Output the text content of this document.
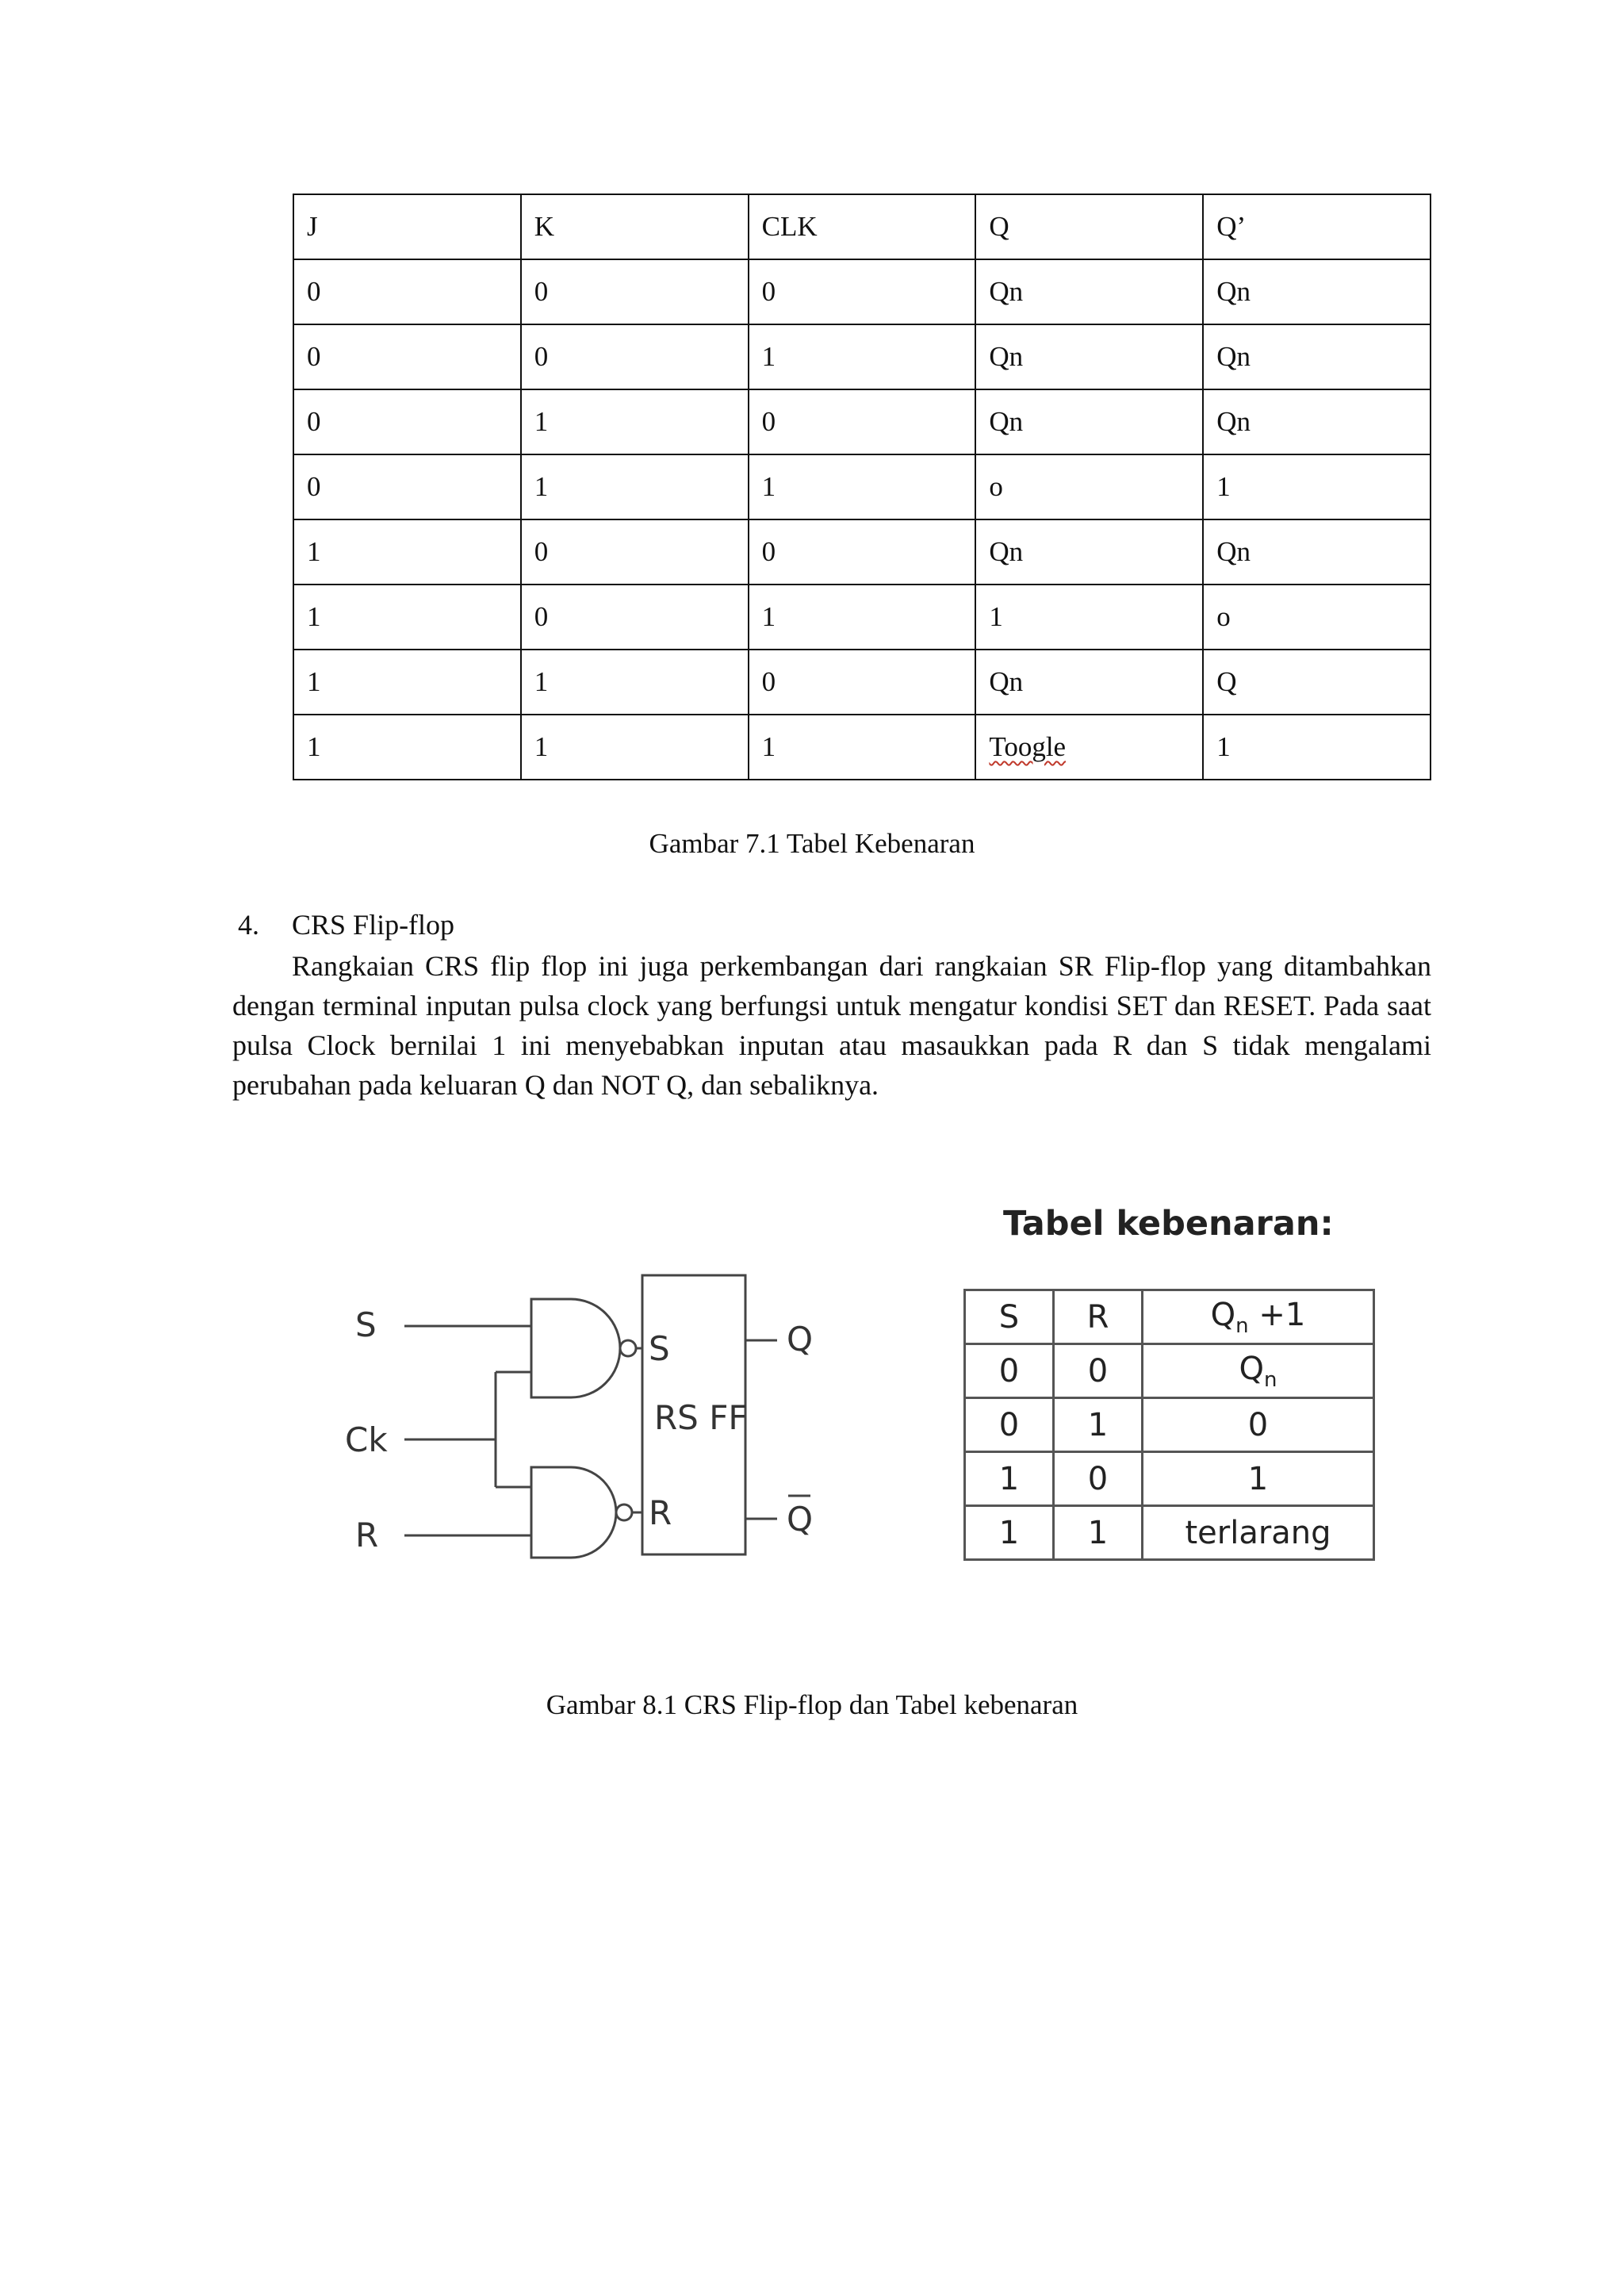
J	K	CLK	Q	Q’
0	0	0	Qn	Qn
0	0	1	Qn	Qn
0	1	0	Qn	Qn
0	1	1	o	1
1	0	0	Qn	Qn
1	0	1	1	o
1	1	0	Qn	Q
1	1	1	Toogle	1
Gambar 7.1 Tabel Kebenaran
4. CRS Flip-flop
Rangkaian CRS flip flop ini juga perkembangan dari rangkaian SR Flip-flop yang ditambahkan dengan terminal inputan pulsa clock yang berfungsi untuk mengatur kondisi SET dan RESET. Pada saat pulsa Clock bernilai 1 ini menyebabkan inputan atau masaukkan pada R dan S tidak mengalami perubahan pada keluaran Q dan NOT Q, dan sebaliknya.
S
Ck
R
S
R
RS FF
Q
Q
Tabel kebenaran:
S	R	$Q_n +1$
0	0	$Q_n$
0	1	0
1	0	1
1	1	terlarang
Gambar 8.1 CRS Flip-flop dan Tabel kebenaran
